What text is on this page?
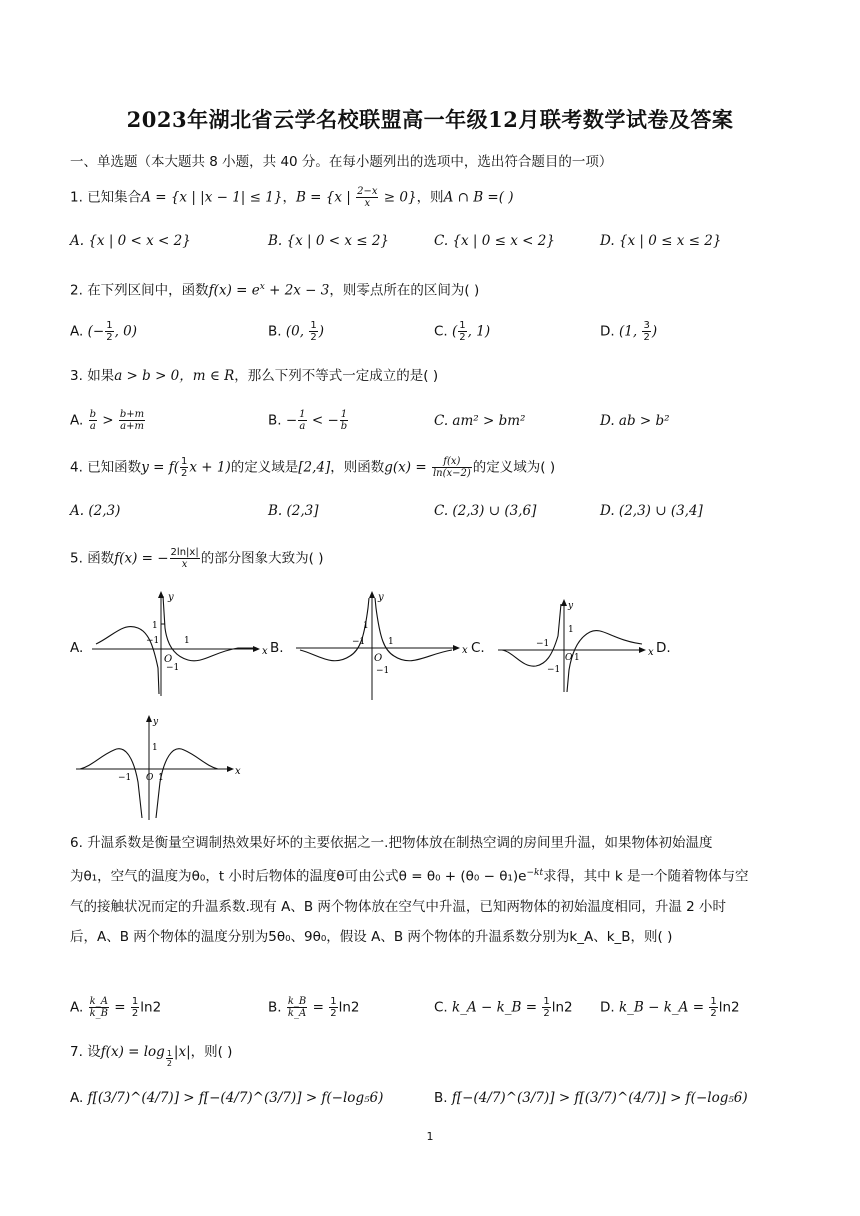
2023年湖北省云学名校联盟高一年级12月联考数学试卷及答案
一、单选题（本大题共 8 小题，共 40 分。在每小题列出的选项中，选出符合题目的一项）
1. 已知集合A = {x | |x − 1| ≤ 1}，B = {x | $\frac{2-x}{x} \ge 0$}，则A ∩ B =( )
A. {x | 0 < x < 2}	B. {x | 0 < x ≤ 2}	C. {x | 0 ≤ x < 2}	D. {x | 0 ≤ x ≤ 2}
2. 在下列区间中，函数$f(x) = e^x + 2x - 3$，则零点所在的区间为( )
A. (− $\frac{1}{2}$ , 0)	B. (0, $\frac{1}{2}$ )	C. ( $\frac{1}{2}$ , 1)	D. (1, $\frac{3}{2}$ )
3. 如果a > b > 0，m ∈ R，那么下列不等式一定成立的是( )
A. $\frac{b}{a} > \frac{b+m}{a+m}$	B. − $\frac{1}{a}$ < − $\frac{1}{b}$	C. am² > bm²	D. ab > b²
4. 已知函数$y = f( \frac{1}{2}$ x + 1)的定义域是[2,4]，则函数$g(x) = \frac{f(x)}{\ln(x-2)}$ 的定义域为( )
A. (2,3)	B. (2,3]	C. (2,3) ∪ (3,6]	D. (2,3) ∪ (3,4]
5. 函数f(x) = − $\frac{2\ln|x|}{x}$ 的部分图象大致为( )
A.	B.	C.	D.
x
y
O
1
−1	1
−1
x
y
O
1
−1	1
−1
x
y
O
1
−1
1
−1
x
y
O
1
−1	1
6. 升温系数是衡量空调制热效果好坏的主要依据之一.把物体放在制热空调的房间里升温，如果物体初始温度
为θ₁，空气的温度为θ₀，t 小时后物体的温度θ可由公式$\theta = \theta_0 + (\theta_0 - \theta_1)e^{-kt}$求得，其中 k 是一个随着物体与空
气的接触状况而定的升温系数.现有 A、B 两个物体放在空气中升温，已知两物体的初始温度相同，升温 2 小时
后，A、B 两个物体的温度分别为5θ₀、9θ₀，假设 A、B 两个物体的升温系数分别为k_A、k_B，则( )
A. $\frac{k\_A}{k\_B} = \frac{1}{2} \ln 2$	B. $\frac{k\_B}{k\_A} = \frac{1}{2} \ln 2$	C. k_A − k_B = $\frac{1}{2} \ln 2$ D. k_B − k_A = $\frac{1}{2} \ln 2$
7. 设$f(x) = \log \frac{1}{2} |x|$，则( )
A. f[(3/7)^(4/7)] > f[−(4/7)^(3/7)] > f(−log₅6)	B. f[−(4/7)^(3/7)] > f[(3/7)^(4/7)] > f(−log₅6)
1
